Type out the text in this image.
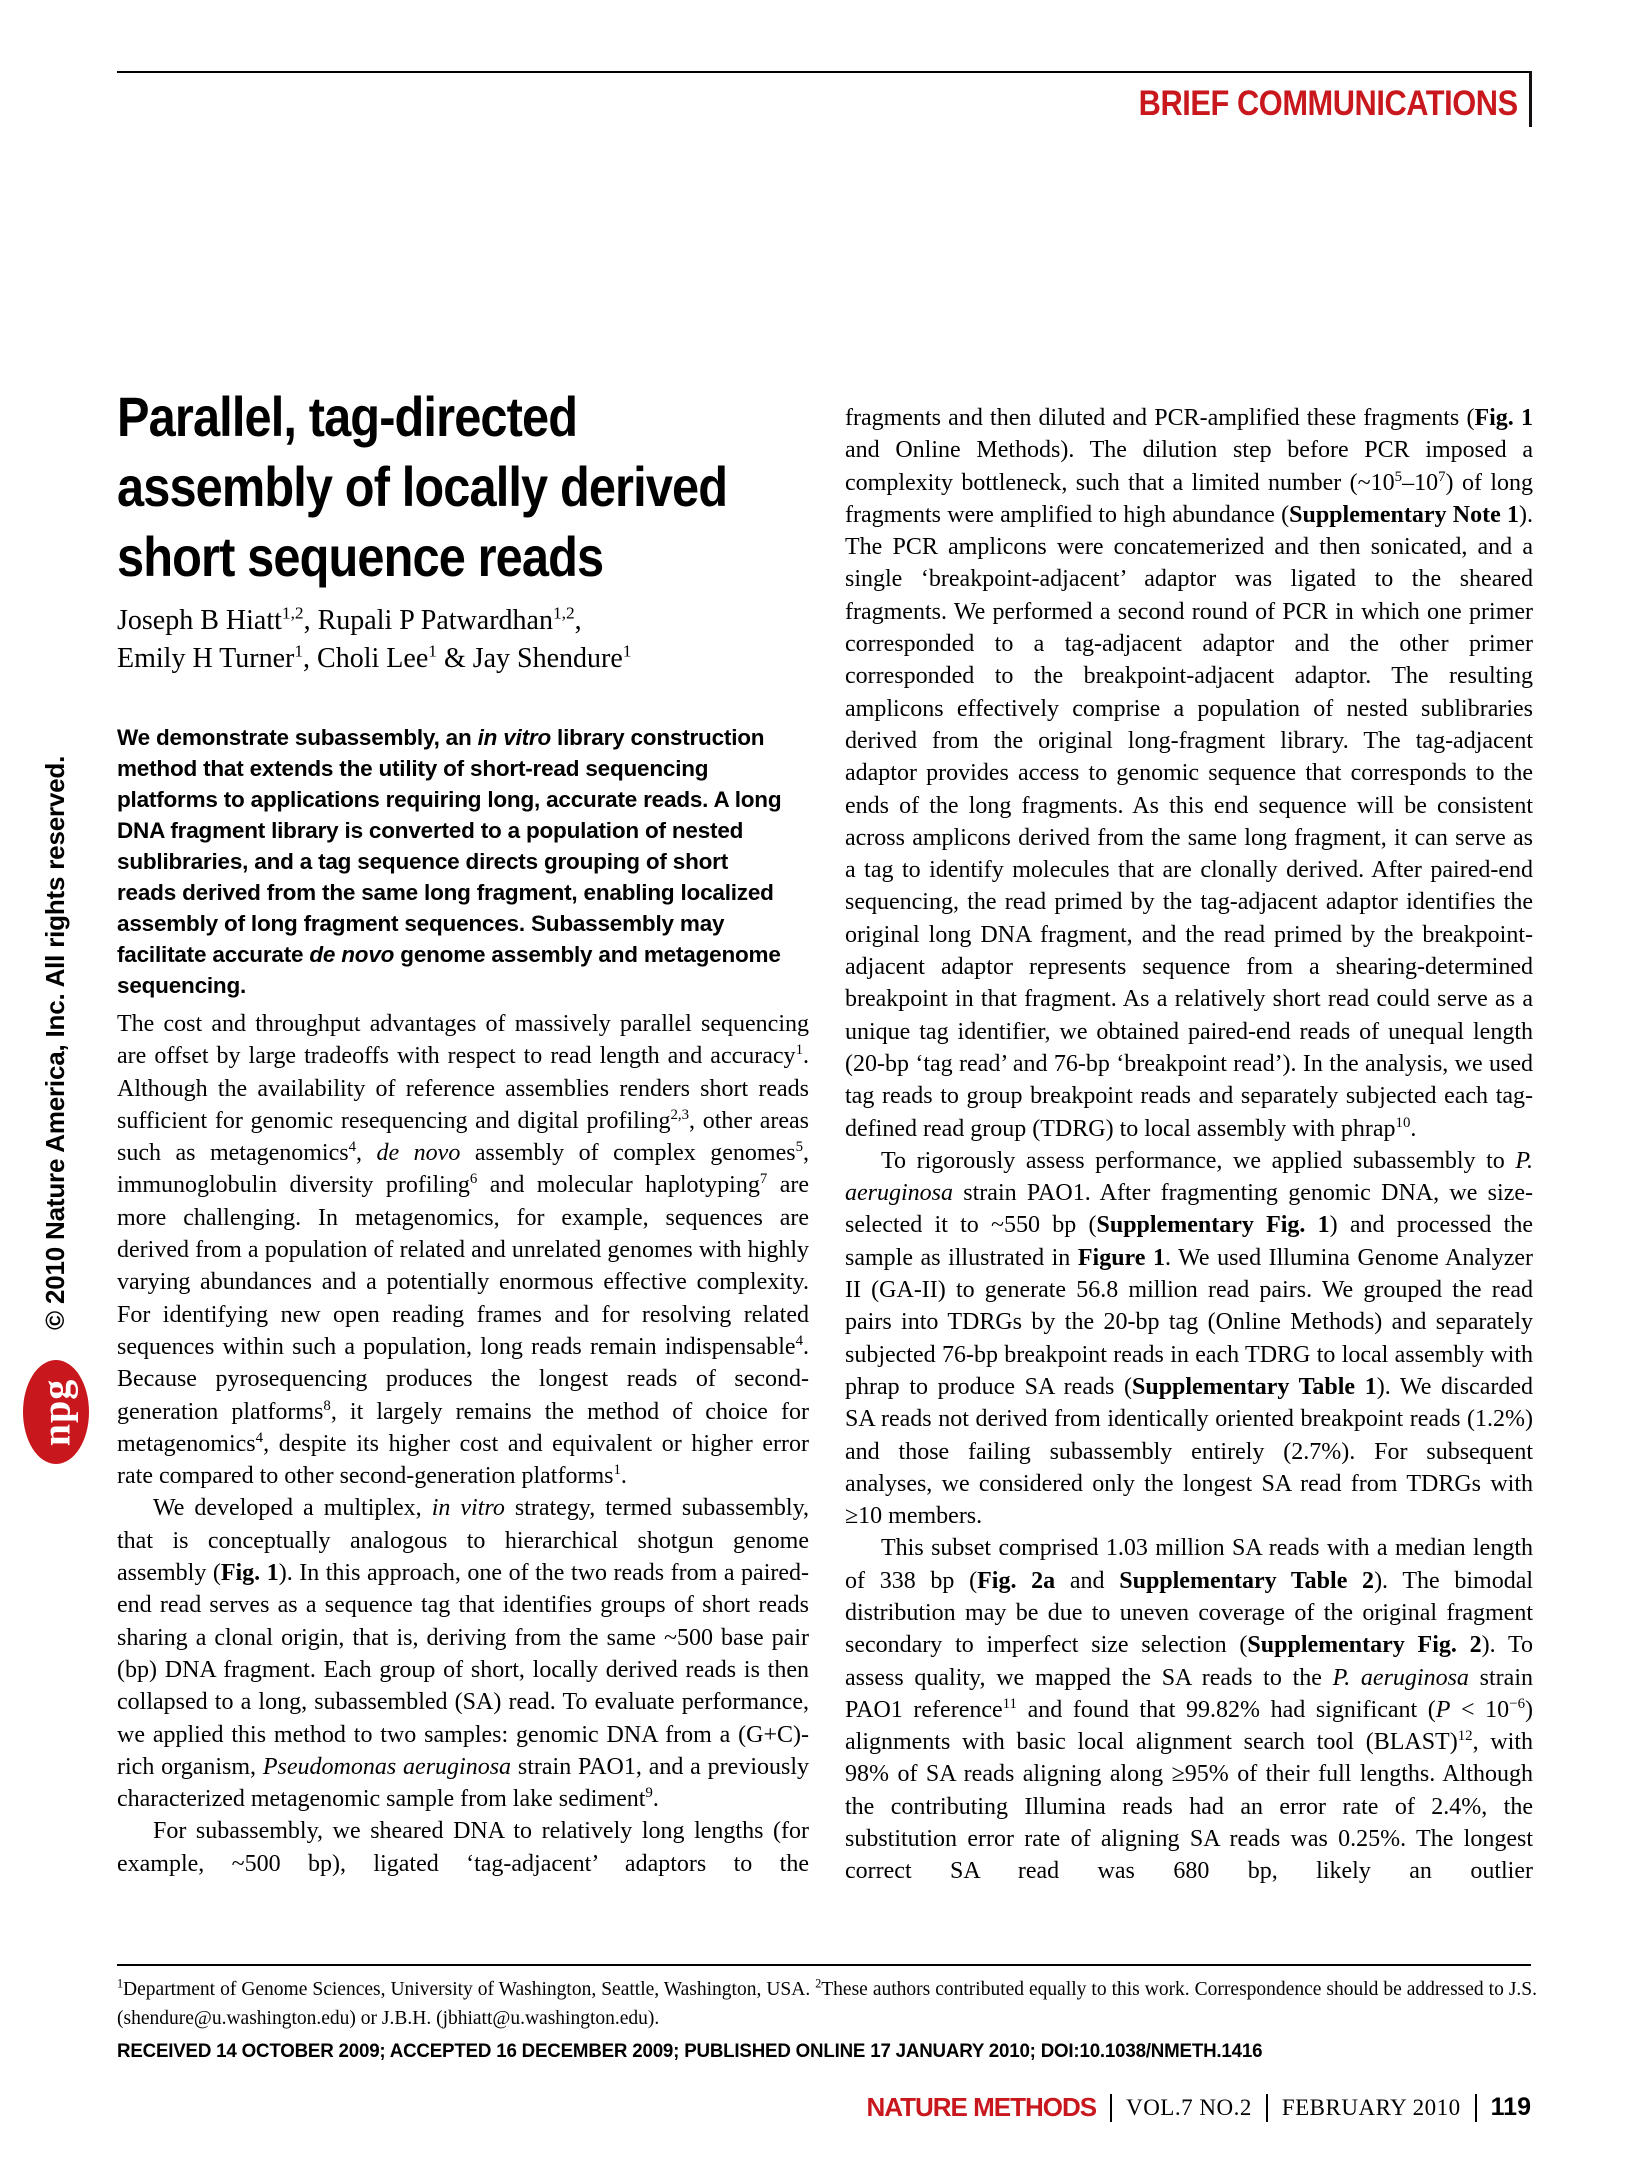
BRIEF COMMUNICATIONS
© 2010 Nature America, Inc. All rights reserved.
npg
Parallel, tag-directed
assembly of locally derived
short sequence reads
Joseph B Hiatt$^{1,2}$, Rupali P Patwardhan$^{1,2}$,
Emily H Turner$^1$, Choli Lee$^1$ & Jay Shendure$^1$
We demonstrate subassembly, an in vitro library construction method that extends the utility of short-read sequencing platforms to applications requiring long, accurate reads. A long DNA fragment library is converted to a population of nested sublibraries, and a tag sequence directs grouping of short reads derived from the same long fragment, enabling localized assembly of long fragment sequences. Subassembly may facilitate accurate de novo genome assembly and metagenome sequencing.
The cost and throughput advantages of massively parallel sequencing are offset by large tradeoffs with respect to read length and accuracy$^1$. Although the availability of reference assemblies renders short reads sufficient for genomic resequencing and digital profiling$^{2,3}$, other areas such as metagenomics$^4$, de novo assembly of complex genomes$^5$, immunoglobulin diversity profiling$^6$ and molecular haplotyping$^7$ are more challenging. In metagenomics, for example, sequences are derived from a population of related and unrelated genomes with highly varying abundances and a potentially enormous effective complexity. For identifying new open reading frames and for resolving related sequences within such a population, long reads remain indispensable$^4$. Because pyrosequencing produces the longest reads of second-generation platforms$^8$, it largely remains the method of choice for metagenomics$^4$, despite its higher cost and equivalent or higher error rate compared to other second-generation platforms$^1$.
We developed a multiplex, in vitro strategy, termed subassembly, that is conceptually analogous to hierarchical shotgun genome assembly (Fig. 1). In this approach, one of the two reads from a paired-end read serves as a sequence tag that identifies groups of short reads sharing a clonal origin, that is, deriving from the same ~500 base pair (bp) DNA fragment. Each group of short, locally derived reads is then collapsed to a long, subassembled (SA) read. To evaluate performance, we applied this method to two samples: genomic DNA from a (G+C)-rich organism, Pseudomonas aeruginosa strain PAO1, and a previously characterized metagenomic sample from lake sediment$^9$.
For subassembly, we sheared DNA to relatively long lengths (for example, ~500 bp), ligated ‘tag-adjacent’ adaptors to the
fragments and then diluted and PCR-amplified these fragments (Fig. 1 and Online Methods). The dilution step before PCR imposed a complexity bottleneck, such that a limited number $(\sim 10^5-10^7)$ of long fragments were amplified to high abundance (Supplementary Note 1). The PCR amplicons were concatemerized and then sonicated, and a single ‘breakpoint-adjacent’ adaptor was ligated to the sheared fragments. We performed a second round of PCR in which one primer corresponded to a tag-adjacent adaptor and the other primer corresponded to the breakpoint-adjacent adaptor. The resulting amplicons effectively comprise a population of nested sublibraries derived from the original long-fragment library. The tag-adjacent adaptor provides access to genomic sequence that corresponds to the ends of the long fragments. As this end sequence will be consistent across amplicons derived from the same long fragment, it can serve as a tag to identify molecules that are clonally derived. After paired-end sequencing, the read primed by the tag-adjacent adaptor identifies the original long DNA fragment, and the read primed by the breakpoint-adjacent adaptor represents sequence from a shearing-determined breakpoint in that fragment. As a relatively short read could serve as a unique tag identifier, we obtained paired-end reads of unequal length (20-bp ‘tag read’ and 76-bp ‘breakpoint read’). In the analysis, we used tag reads to group breakpoint reads and separately subjected each tag-defined read group (TDRG) to local assembly with phrap$^{10}$.
To rigorously assess performance, we applied subassembly to P. aeruginosa strain PAO1. After fragmenting genomic DNA, we size-selected it to ~550 bp (Supplementary Fig. 1) and processed the sample as illustrated in Figure 1. We used Illumina Genome Analyzer II (GA-II) to generate 56.8 million read pairs. We grouped the read pairs into TDRGs by the 20-bp tag (Online Methods) and separately subjected 76-bp breakpoint reads in each TDRG to local assembly with phrap to produce SA reads (Supplementary Table 1). We discarded SA reads not derived from identically oriented breakpoint reads (1.2%) and those failing subassembly entirely (2.7%). For subsequent analyses, we considered only the longest SA read from TDRGs with ≥10 members.
This subset comprised 1.03 million SA reads with a median length of 338 bp (Fig. 2a and Supplementary Table 2). The bimodal distribution may be due to uneven coverage of the original fragment secondary to imperfect size selection (Supplementary Fig. 2). To assess quality, we mapped the SA reads to the P. aeruginosa strain PAO1 reference$^{11}$ and found that 99.82% had significant $(P < 10^{-6})$ alignments with basic local alignment search tool (BLAST)$^{12}$, with 98% of SA reads aligning along ≥95% of their full lengths. Although the contributing Illumina reads had an error rate of 2.4%, the substitution error rate of aligning SA reads was 0.25%. The longest correct SA read was 680 bp, likely an outlier
$^1$Department of Genome Sciences, University of Washington, Seattle, Washington, USA. $^2$These authors contributed equally to this work. Correspondence should be addressed to J.S. (shendure@u.washington.edu) or J.B.H. (jbhiatt@u.washington.edu).
RECEIVED 14 OCTOBER 2009; ACCEPTED 16 DECEMBER 2009; PUBLISHED ONLINE 17 JANUARY 2010; DOI:10.1038/NMETH.1416
NATURE METHODS VOL.7 NO.2 FEBRUARY 2010 119
